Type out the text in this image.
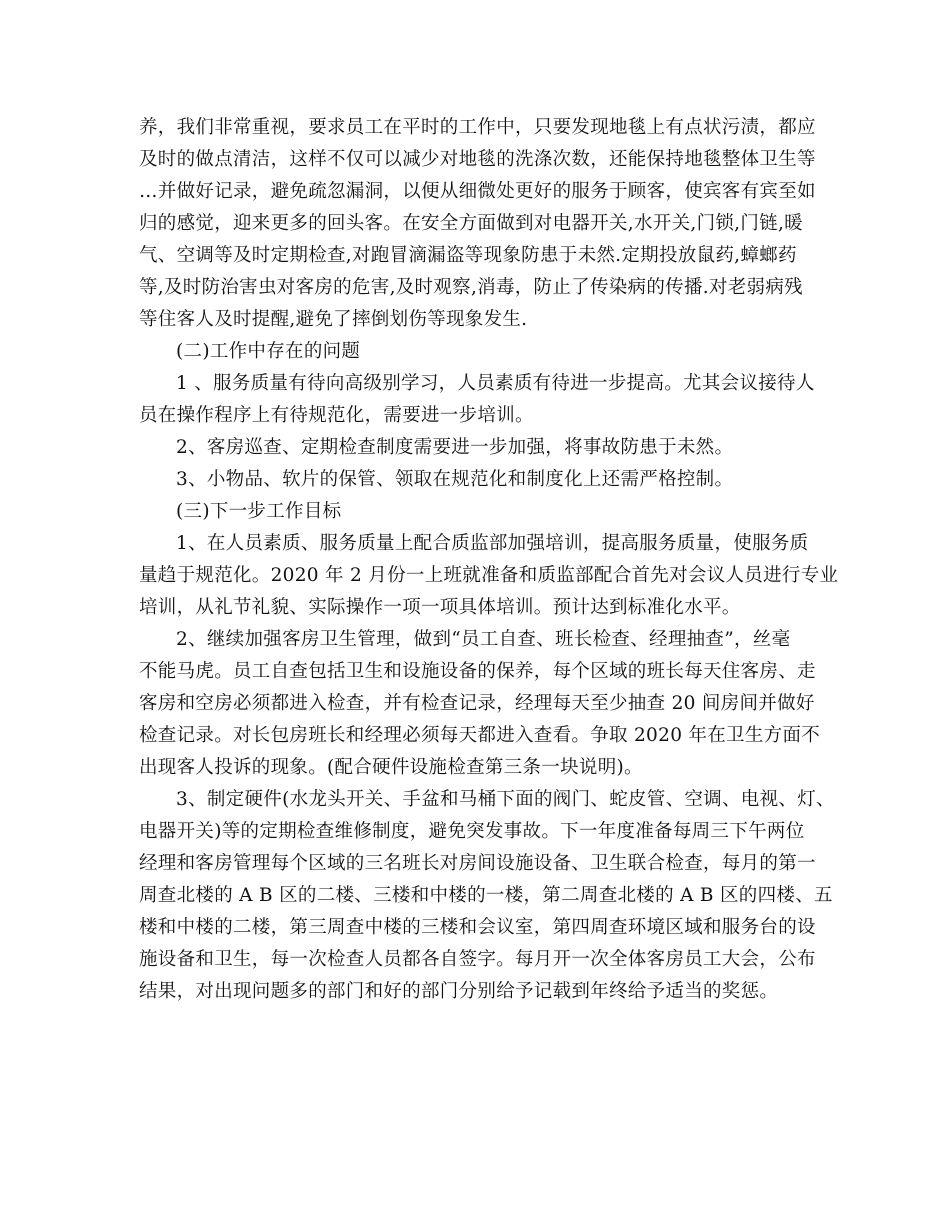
养，我们非常重视，要求员工在平时的工作中，只要发现地毯上有点状污渍，都应
及时的做点清洁，这样不仅可以减少对地毯的洗涤次数，还能保持地毯整体卫生等
…并做好记录，避免疏忽漏洞，以便从细微处更好的服务于顾客，使宾客有宾至如
归的感觉，迎来更多的回头客。在安全方面做到对电器开关,水开关,门锁,门链,暖
气、空调等及时定期检查,对跑冒滴漏盗等现象防患于未然.定期投放鼠药,蟑螂药
等,及时防治害虫对客房的危害,及时观察,消毒，防止了传染病的传播.对老弱病残
等住客人及时提醒,避免了摔倒划伤等现象发生.
(二)工作中存在的问题
1 、服务质量有待向高级别学习，人员素质有待进一步提高。尤其会议接待人
员在操作程序上有待规范化，需要进一步培训。
2、客房巡查、定期检查制度需要进一步加强，将事故防患于未然。
3、小物品、软片的保管、领取在规范化和制度化上还需严格控制。
(三)下一步工作目标
1、在人员素质、服务质量上配合质监部加强培训，提高服务质量，使服务质
量趋于规范化。2020 年 2 月份一上班就准备和质监部配合首先对会议人员进行专业
培训，从礼节礼貌、实际操作一项一项具体培训。预计达到标准化水平。
2、继续加强客房卫生管理，做到“员工自查、班长检查、经理抽查”，丝毫
不能马虎。员工自查包括卫生和设施设备的保养，每个区域的班长每天住客房、走
客房和空房必须都进入检查，并有检查记录，经理每天至少抽查 20 间房间并做好
检查记录。对长包房班长和经理必须每天都进入查看。争取 2020 年在卫生方面不
出现客人投诉的现象。(配合硬件设施检查第三条一块说明)。
3、制定硬件(水龙头开关、手盆和马桶下面的阀门、蛇皮管、空调、电视、灯、
电器开关)等的定期检查维修制度，避免突发事故。下一年度准备每周三下午两位
经理和客房管理每个区域的三名班长对房间设施设备、卫生联合检查，每月的第一
周查北楼的 A B 区的二楼、三楼和中楼的一楼，第二周查北楼的 A B 区的四楼、五
楼和中楼的二楼，第三周查中楼的三楼和会议室，第四周查环境区域和服务台的设
施设备和卫生，每一次检查人员都各自签字。每月开一次全体客房员工大会，公布
结果，对出现问题多的部门和好的部门分别给予记载到年终给予适当的奖惩。
